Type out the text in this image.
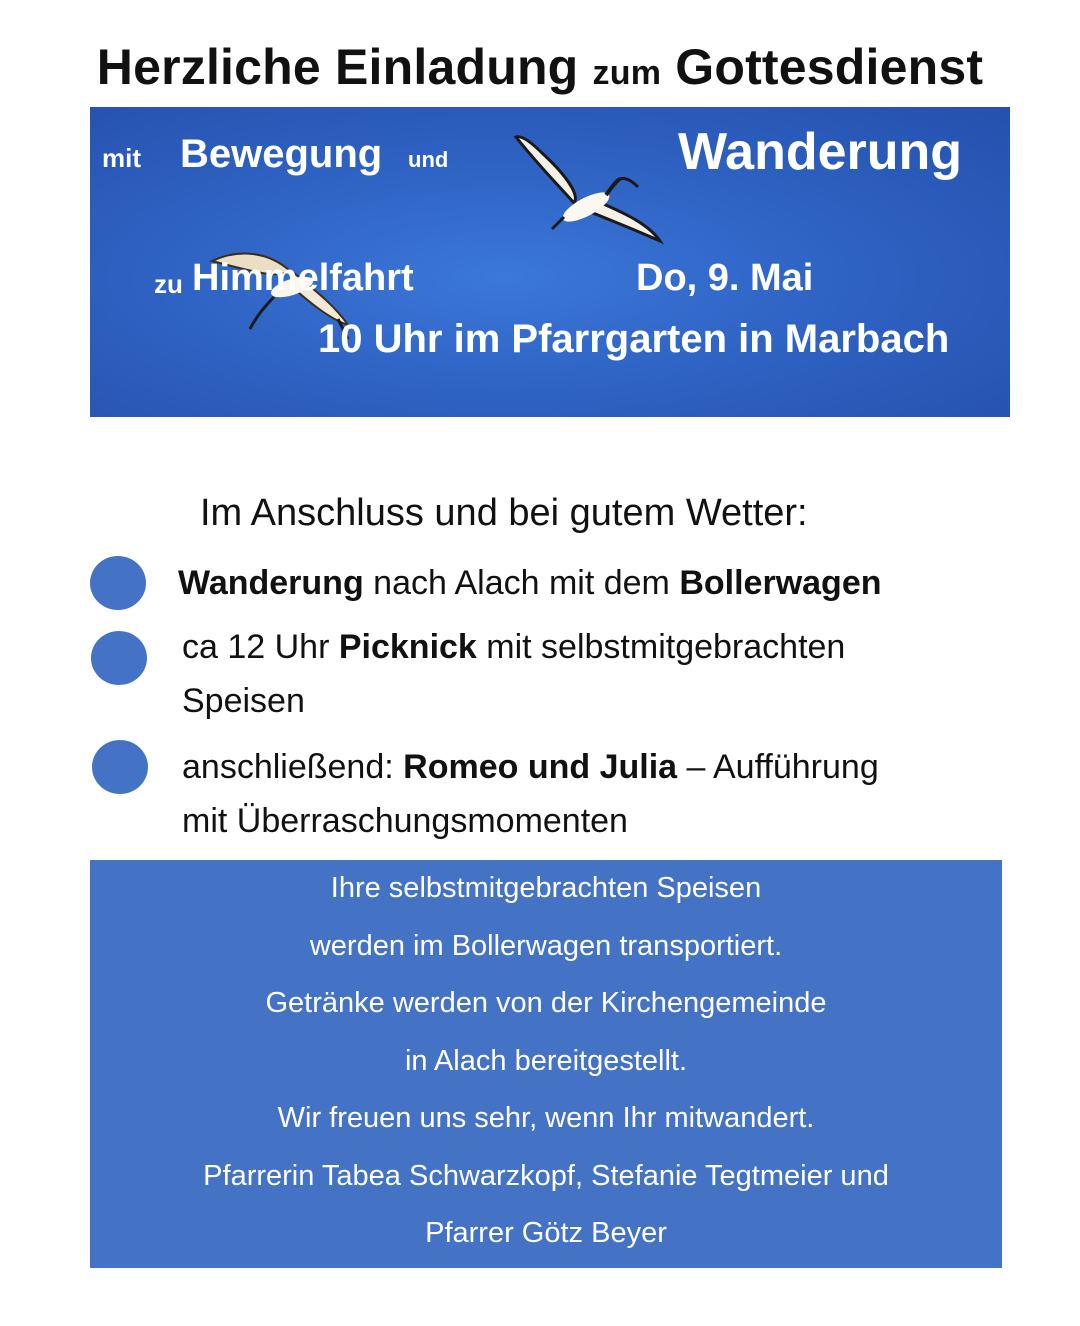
Herzliche Einladung zum Gottesdienst
mit Bewegung und	Wanderung
zu Himmelfahrt	Do, 9. Mai
10 Uhr im Pfarrgarten in Marbach
Im Anschluss und bei gutem Wetter:
Wanderung nach Alach mit dem Bollerwagen
ca 12 Uhr Picknick mit selbstmitgebrachten
Speisen
anschließend: Romeo und Julia – Aufführung
mit Überraschungsmomenten
Ihre selbstmitgebrachten Speisen
werden im Bollerwagen transportiert.
Getränke werden von der Kirchengemeinde
in Alach bereitgestellt.
Wir freuen uns sehr, wenn Ihr mitwandert.
Pfarrerin Tabea Schwarzkopf, Stefanie Tegtmeier und
Pfarrer Götz Beyer
